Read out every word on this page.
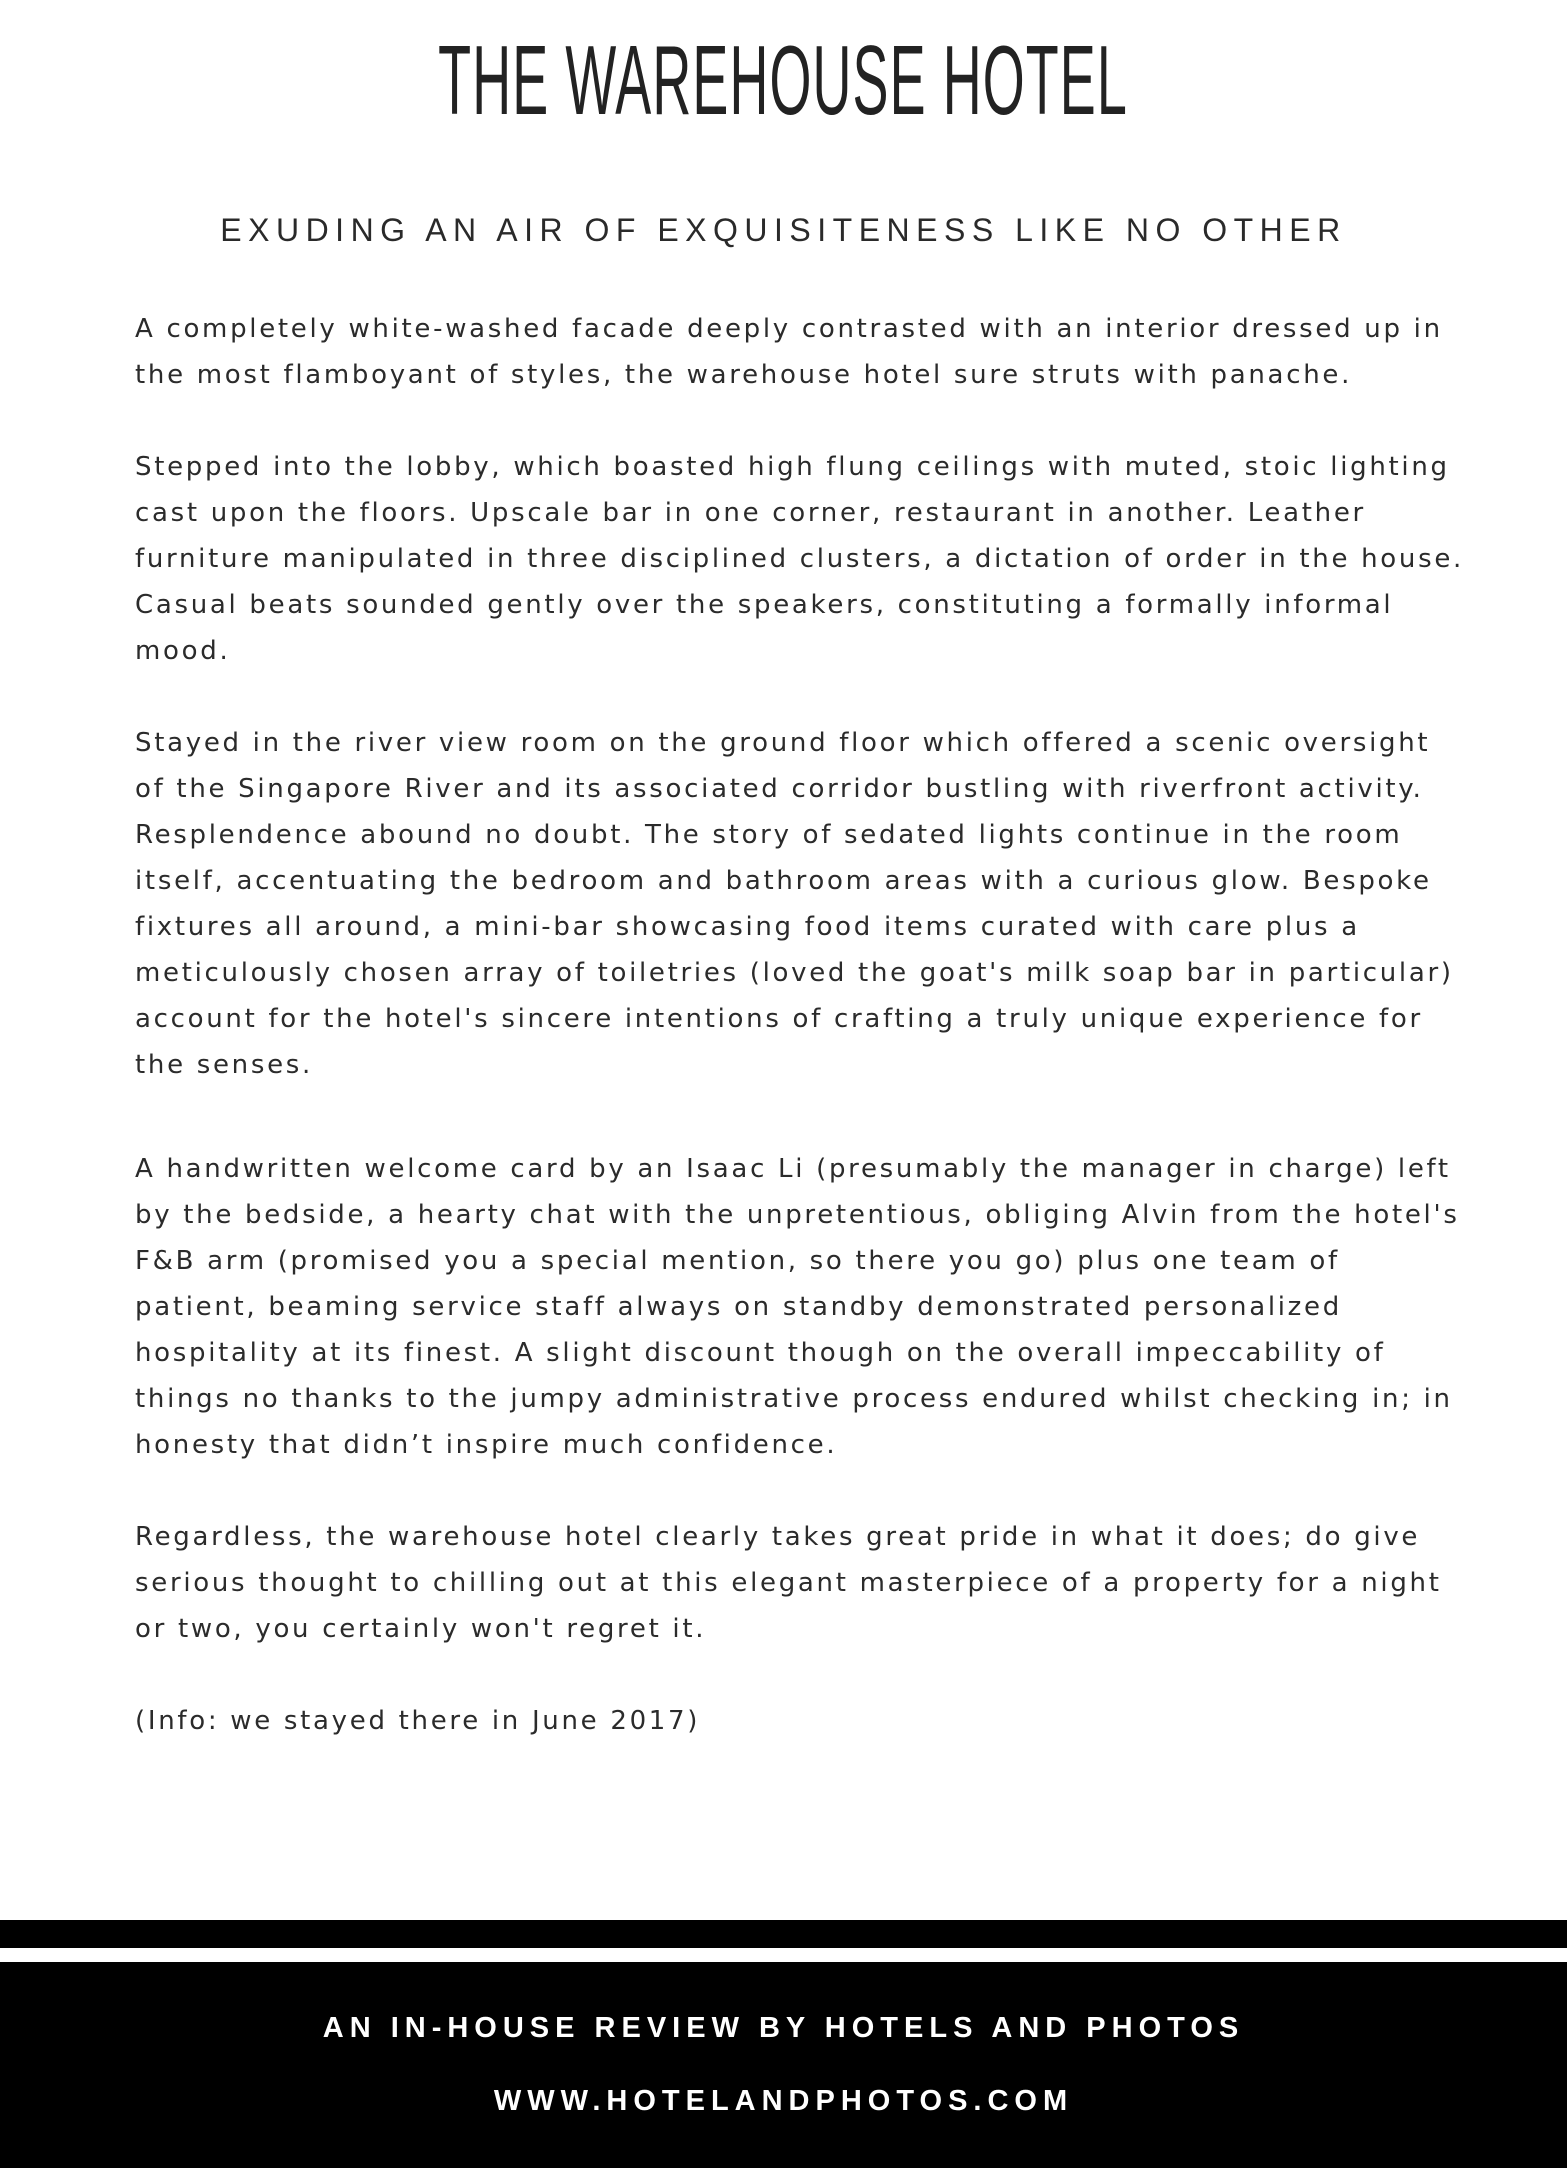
THE WAREHOUSE HOTEL
EXUDING AN AIR OF EXQUISITENESS LIKE NO OTHER

A completely white-washed facade deeply contrasted with an interior dressed up in the most flamboyant of styles, the warehouse hotel sure struts with panache.

Stepped into the lobby, which boasted high flung ceilings with muted, stoic lighting cast upon the floors. Upscale bar in one corner, restaurant in another. Leather furniture manipulated in three disciplined clusters, a dictation of order in the house. Casual beats sounded gently over the speakers, constituting a formally informal mood.

Stayed in the river view room on the ground floor which offered a scenic oversight of the Singapore River and its associated corridor bustling with riverfront activity. Resplendence abound no doubt. The story of sedated lights continue in the room itself, accentuating the bedroom and bathroom areas with a curious glow. Bespoke fixtures all around, a mini-bar showcasing food items curated with care plus a meticulously chosen array of toiletries (loved the goat's milk soap bar in particular) account for the hotel's sincere intentions of crafting a truly unique experience for the senses.

A handwritten welcome card by an Isaac Li (presumably the manager in charge) left by the bedside, a hearty chat with the unpretentious, obliging Alvin from the hotel's F&B arm (promised you a special mention, so there you go) plus one team of patient, beaming service staff always on standby demonstrated personalized hospitality at its finest. A slight discount though on the overall impeccability of things no thanks to the jumpy administrative process endured whilst checking in; in honesty that didn’t inspire much confidence.

Regardless, the warehouse hotel clearly takes great pride in what it does; do give serious thought to chilling out at this elegant masterpiece of a property for a night or two, you certainly won't regret it.

(Info: we stayed there in June 2017)

AN IN-HOUSE REVIEW BY HOTELS AND PHOTOS
WWW.HOTELANDPHOTOS.COM
